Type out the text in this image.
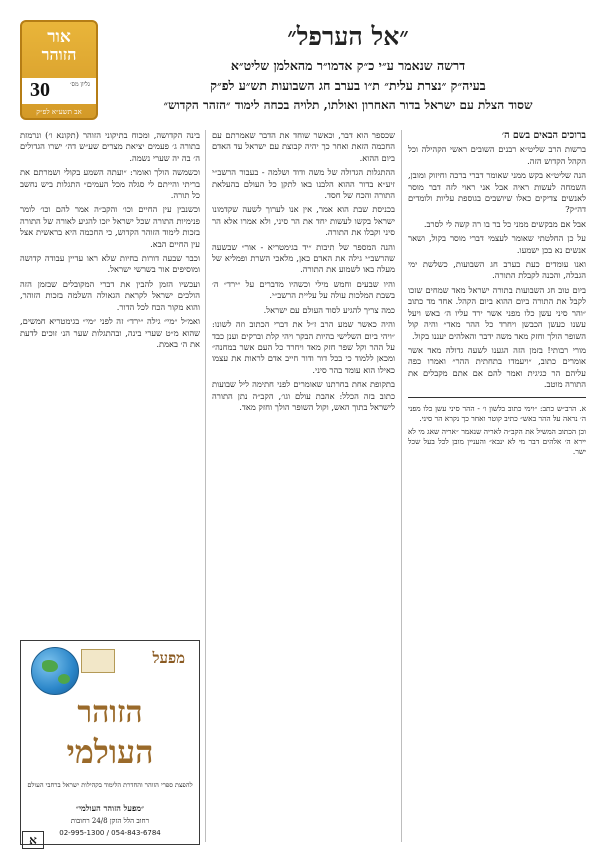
אור
הזוהר
גליון מס׳
30
אב תשע״א לפ״ק
״אל הערפל״
דרשה שנאמר ע״י כ״ק אדמו״ר מהאלמן שליט״א
בעיה״ק ״נצרת עלית״ ת״ו בערב חג השבועות תש״ע לפ״ק
שסוד הצלת עם ישראל בדור האחרון ואולתו, תלויה בכחה לימוד ״הזהר הקדוש״
ברוכים הבאים בשם ה׳

ברשות הרב שליט״א רבנים השובים ראשי הקהילה וכל הקהל הקדוש הזה.

הנה שליט״א בקש ממני שאומר דברי ברכה וחיזוק ומובן, השמחה לעשות ראיה אבל אני ראוי לזה דבר מוסר לאנשים צדיקים כאלו שיושבים בגוספת עליות ולומדים דה״ק?

אבל אם מבקשים ממני כל בר בו רה קשה לי לסרב.

על כן החלטתי שאומר לעצמי דברי מוסר בקול, ושאר אנשים נא בכן ישמעו.

ואנו עומדים כעת בערב חג השבועות, כשלשת ימי הגבלה, והכנה לקבלת התורה.

ביום טוב חג השבועות בתורה ישראל מאד שמחים שזכו לקבל את התורה ביום ההוא ביום הקהל. אחד מד כתוב ״והר סיני עשן כלו מפני אשר ירד עליו ה׳ באש ויעל עשנו כעשן הכבשן ויחרד כל ההר מאד״ והיה קול השופר הולך וחזק מאד משה ידבר והאלהים יעננו בקול.

מורי רבותי! בזמן הזה הגענו לשעה גדולה מאד אשר אומרים כתוב, ״ויעמדו בתחתית ההר״ ואמרו כפה עליהם הר כגיגית ואמר להם אם אתם מקבלים את התורה מוטב.

א. הרב״ש כתב: ״וימי כתוב בלשון ו׳ - ההר סיני עשן כלו מפני ה׳ נראה על ההר באש״ כתיב קוטר ואחר כך נקרא הר סיני.

וכן הכתוב המשיל את הקב״ה לאריה שנאמר ״אריה שאג מי לא יירא ה׳ אלהים דבר מי לא ינבא״ והעניין מובן לכל בעל שכל ישר.

שכספר הוא דבר, וכאשר שוחד את הדבר שאמרתם עם החכמה הזאת ואחר כך יהיה קבוצת עם ישראל עד האדם ביום ההוא.

ההתגלות הגדולה של משה ודוד ושלמה - בעבור הרשב״י זיע״א בדור ההוא הלבנו באו לתקן כל העולם בהעלאת התורה והכח של חסד.

בכניסת שבת הוא אמר, אין אנו לערוך לשעה שקדמונו ישראל בקשו לעשות יחד את הר סיני, ולא אמרו אלא הר סיני וקבלו את התורה.

והנה המספר של תיבות ״יד בגימטריא - אור״ שבשעה שהרשב״י גילה את האדם כאן, מלאכי השרת ופמליא של מעלה באו לשמוע את התורה.

והיו שבעים וחמש מילי וכשהיו מדברים על ״ירד״ ה׳ בשבת המלכות עולה על עליית הרשב״י.

כמה צריך להגיע לסוד העולם עם ישראל.

והיה כאשר שמע הרב ז״ל את דברי הכתוב וזה לשונו: ״ויהי ביום השלישי בהיות הבקר ויהי קלת וברקים וענן כבד על ההר וקל שפר חזק מאד ויחרד כל העם אשר במחנה״ ומכאן ללמוד כי בכל דור ודור חייב אדם לראות את עצמו כאילו הוא עומד בהר סיני.

בתקופת אחת בחרתנו שאומרים לפני חתימה ליל שבועות כתוב בזה הכלל: אהבת עולם וגו׳, הקב״ה נתן התורה לישראל בתוך האש, וקול השופר הולך וחזק מאד.

בינה הקדושה, ומכוח בתיקוני הזוהר (תקונא ו׳) ונרמזת בתורה ג׳ פעמים יציאת מצרים שע״ש דה׳ ישרו הגדולים ה׳ בה יה שערי נשמה.

וכשמשה הולך ואומר: ״ועתה השמע בקולי ושמרתם את בריתי והייתם לי סגלה מכל העמים״ התגלות ביש נחשב כל תורה.

וכשנבין עין החיים וכו׳ והקב״ה אמר להם וכו׳ לומר פנימיות התורה שכל ישראל יזכו להגיע לאורה של התורה בזכות לימוד הזוהר הקדוש, כי החכמה היא בראשית אצל עין החיים הבא.

וכבר שבעה דורות בחיות שלא ראו עדיין עבודה קדושה ומוסיפים אור בשרשי ישראל.

ועכשיו הזמן להבין את דברי המקובלים שבזמן הזה הולכים ישראל לקראת הגאולה השלמה בזכות הזוהר, והוא מקור הכח לכל הדור.

ואמ״ל ״מי״ גילה ״ירד״ זה לפני ״מי״ בגימטריא חמשים, שהוא מ״ט שערי בינה, ובהתגלות שער הנ׳ זוכים לדעת את ה׳ באמת.

מפעל
הזוהר
העולמי
להפצת ספרי הזוהר והחדרת הלימוד בקהילות ישראל ברחבי העולם
״מפעל הזוהר העולמי״
רחוב הלל הזקן 24/8 רחובות
02-995-1300 / 054-843-6784
א
